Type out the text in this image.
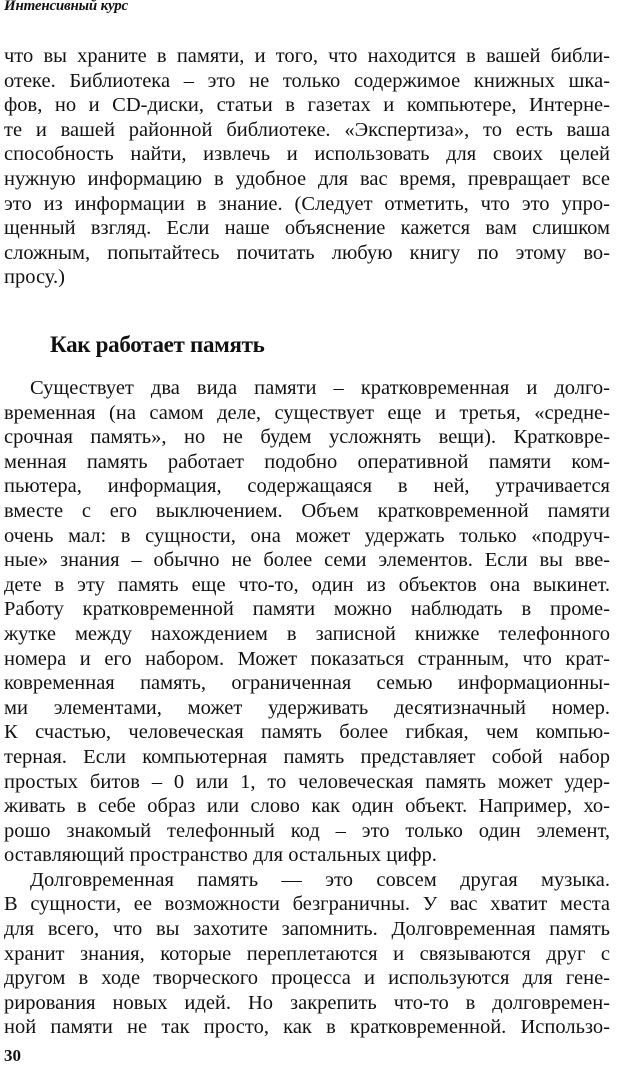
Интенсивный курс
что вы храните в памяти, и того, что находится в вашей библи-
отеке. Библиотека – это не только содержимое книжных шка-
фов, но и CD-диски, статьи в газетах и компьютере, Интерне-
те и вашей районной библиотеке. «Экспертиза», то есть ваша
способность найти, извлечь и использовать для своих целей
нужную информацию в удобное для вас время, превращает все
это из информации в знание. (Следует отметить, что это упро-
щенный взгляд. Если наше объяснение кажется вам слишком
сложным, попытайтесь почитать любую книгу по этому во-
просу.)
Как работает память
Существует два вида памяти – кратковременная и долго-
временная (на самом деле, существует еще и третья, «средне-
срочная память», но не будем усложнять вещи). Кратковре-
менная память работает подобно оперативной памяти ком-
пьютера, информация, содержащаяся в ней, утрачивается
вместе с его выключением. Объем кратковременной памяти
очень мал: в сущности, она может удержать только «подруч-
ные» знания – обычно не более семи элементов. Если вы вве-
дете в эту память еще что-то, один из объектов она выкинет.
Работу кратковременной памяти можно наблюдать в проме-
жутке между нахождением в записной книжке телефонного
номера и его набором. Может показаться странным, что крат-
ковременная память, ограниченная семью информационны-
ми элементами, может удерживать десятизначный номер.
К счастью, человеческая память более гибкая, чем компью-
терная. Если компьютерная память представляет собой набор
простых битов – 0 или 1, то человеческая память может удер-
живать в себе образ или слово как один объект. Например, хо-
рошо знакомый телефонный код – это только один элемент,
оставляющий пространство для остальных цифр.
Долговременная память — это совсем другая музыка.
В сущности, ее возможности безграничны. У вас хватит места
для всего, что вы захотите запомнить. Долговременная память
хранит знания, которые переплетаются и связываются друг с
другом в ходе творческого процесса и используются для гене-
рирования новых идей. Но закрепить что-то в долговремен-
ной памяти не так просто, как в кратковременной. Использо-
30
